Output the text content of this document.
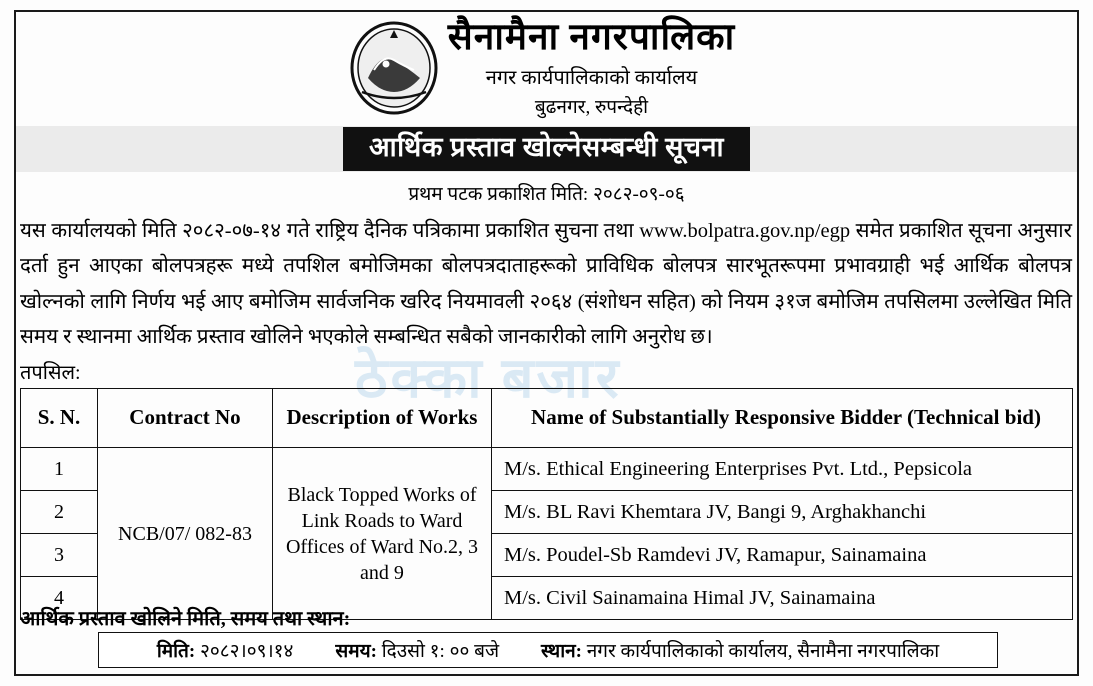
सैनामैना नगरपालिका
नगर कार्यपालिकाको कार्यालय
बुढनगर, रुपन्देही
आर्थिक प्रस्ताव खोल्नेसम्बन्धी सूचना
प्रथम पटक प्रकाशित मिति: २०८२-०९-०६
यस कार्यालयको मिति २०८२-०७-१४ गते राष्ट्रिय दैनिक पत्रिकामा प्रकाशित सुचना तथा www.bolpatra.gov.np/egp समेत प्रकाशित सूचना अनुसार दर्ता हुन आएका बोलपत्रहरू मध्ये तपशिल बमोजिमका बोलपत्रदाताहरूको प्राविधिक बोलपत्र सारभूतरूपमा प्रभावग्राही भई आर्थिक बोलपत्र खोल्नको लागि निर्णय भई आए बमोजिम सार्वजनिक खरिद नियमावली २०६४ (संशोधन सहित) को नियम ३१ज बमोजिम तपसिलमा उल्लेखित मिति समय र स्थानमा आर्थिक प्रस्ताव खोलिने भएकोले सम्बन्धित सबैको जानकारीको लागि अनुरोध छ।
तपसिल:	ठेक्का बजार
S. N.	Contract No	Description of Works	Name of Substantially Responsive Bidder (Technical bid)
1	NCB/07/ 082-83	Black Topped Works of Link Roads to Ward Offices of Ward No.2, 3 and 9	M/s. Ethical Engineering Enterprises Pvt. Ltd., Pepsicola
2			M/s. BL Ravi Khemtara JV, Bangi 9, Arghakhanchi
3			M/s. Poudel-Sb Ramdevi JV, Ramapur, Sainamaina
4			M/s. Civil Sainamaina Himal JV, Sainamaina
आर्थिक प्रस्ताव खोलिने मिति, समय तथा स्थान:
मिति: २०८२।०९।१४ समय: दिउसो १: ०० बजे स्थान: नगर कार्यपालिकाको कार्यालय, सैनामैना नगरपालिका
